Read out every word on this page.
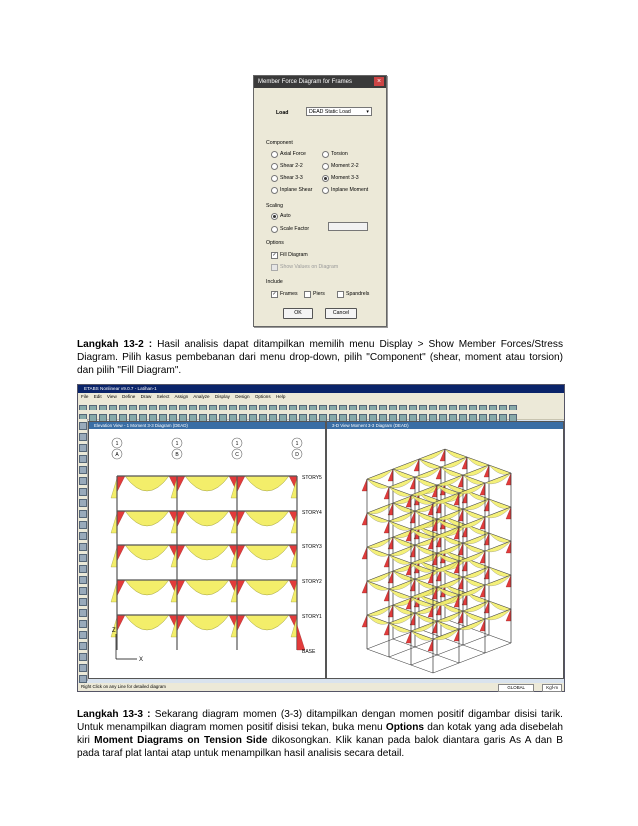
Member Force Diagram for Frames	×
Load	DEAD Static Load	▾
Component
Axial Force	Torsion
Shear 2-2	Moment 2-2
Shear 3-3	Moment 3-3
Inplane Shear	Inplane Moment
Scaling
Auto
Scale Factor
Options
✓ Fill Diagram
Show Values on Diagram
Include
✓ Frames	Piers	Spandrels
OK	Cancel
Langkah 13-2 : Hasil analisis dapat ditampilkan memilih menu Display > Show Member Forces/Stress Diagram. Pilih kasus pembebanan dari menu drop-down, pilih "Component" (shear, moment atau torsion) dan pilih "Fill Diagram".
ETABS Nonlinear v9.0.7 - Latihan-1
File Edit View Define Draw Select Assign Analyze Display Design Options Help
Elevation View - 1 Moment 3-3 Diagram (DEAD)
1	1	1	1
A	B	C	D
STORY5
STORY4
STORY3
STORY2
STORY1
BASE
Z
X
3-D View Moment 3-3 Diagram (DEAD)
Right Click on any Line for detailed diagram	GLOBAL	Kgf-m
Langkah 13-3 : Sekarang diagram momen (3-3) ditampilkan dengan momen positif digambar disisi tarik. Untuk menampilkan diagram momen positif disisi tekan, buka menu Options dan kotak yang ada disebelah kiri Moment Diagrams on Tension Side dikosongkan. Klik kanan pada balok diantara garis As A dan B pada taraf plat lantai atap untuk menampilkan hasil analisis secara detail.
